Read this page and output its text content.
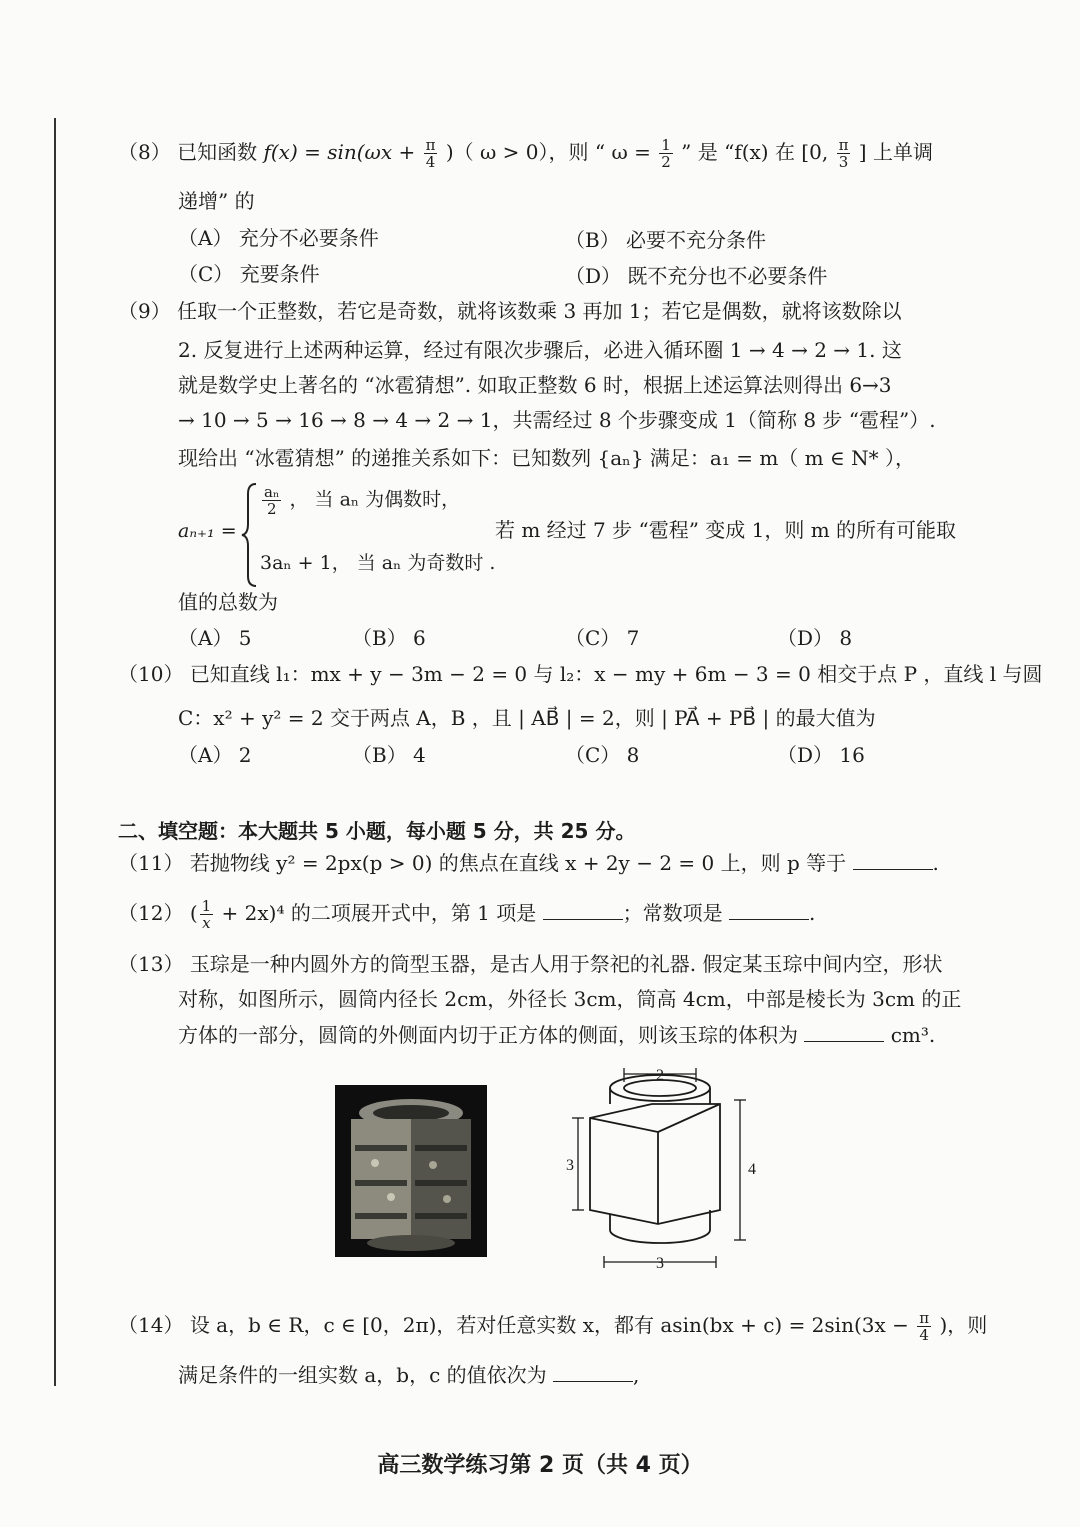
（8） 已知函数 $f(x) = \sin(\omega x + \frac{\pi}{4}$ )（ ω > 0），则 “ $\omega = \frac{1}{2}$ ” 是 “f(x) 在 [0, $\frac{\pi}{3}$ ] 上单调
递增” 的
（A） 充分不必要条件	（B） 必要不充分条件
（C） 充要条件	（D） 既不充分也不必要条件
（9） 任取一个正整数，若它是奇数，就将该数乘 3 再加 1；若它是偶数，就将该数除以
2. 反复进行上述两种运算，经过有限次步骤后，必进入循环圈 1 → 4 → 2 → 1. 这
就是数学史上著名的 “冰雹猜想”. 如取正整数 6 时，根据上述运算法则得出 6→3
→ 10 → 5 → 16 → 8 → 4 → 2 → 1，共需经过 8 个步骤变成 1（简称 8 步 “雹程”）.
现给出 “冰雹猜想” 的递推关系如下：已知数列 {aₙ} 满足：a₁ = m（ m ∈ N* ），
aₙ₊₁ =
$\frac{\text{aₙ}}{2}$ ， 当 aₙ 为偶数时，
3aₙ + 1， 当 aₙ 为奇数时 .
若 m 经过 7 步 “雹程” 变成 1，则 m 的所有可能取
值的总数为
（A） 5	（B） 6	（C） 7	（D） 8
（10） 已知直线 l₁：mx + y − 3m − 2 = 0 与 l₂：x − my + 6m − 3 = 0 相交于点 P ，直线 l 与圆
C：x² + y² = 2 交于两点 A，B ，且 | AB⃗ | = 2，则 | PA⃗ + PB⃗ | 的最大值为
（A） 2	（B） 4	（C） 8	（D） 16
二、填空题：本大题共 5 小题，每小题 5 分，共 25 分。
（11） 若抛物线 y² = 2px(p > 0) 的焦点在直线 x + 2y − 2 = 0 上，则 p 等于	.
（12） ( $\frac{1}{x} + 2x)^4$ 的二项展开式中，第 1 项是	；常数项是	.
（13） 玉琮是一种内圆外方的筒型玉器，是古人用于祭祀的礼器. 假定某玉琮中间内空，形状
对称，如图所示，圆筒内径长 2cm，外径长 3cm，筒高 4cm，中部是棱长为 3cm 的正
方体的一部分，圆筒的外侧面内切于正方体的侧面，则该玉琮的体积为	cm³.
2
3	4
3
（14） 设 a，b ∈ R，c ∈ [0，2π)，若对任意实数 x，都有 $asin(bx + c) = 2\sin(3x - \frac{\pi}{4}$ )，则
满足条件的一组实数 a，b，c 的值依次为	,
高三数学练习第 2 页（共 4 页）
